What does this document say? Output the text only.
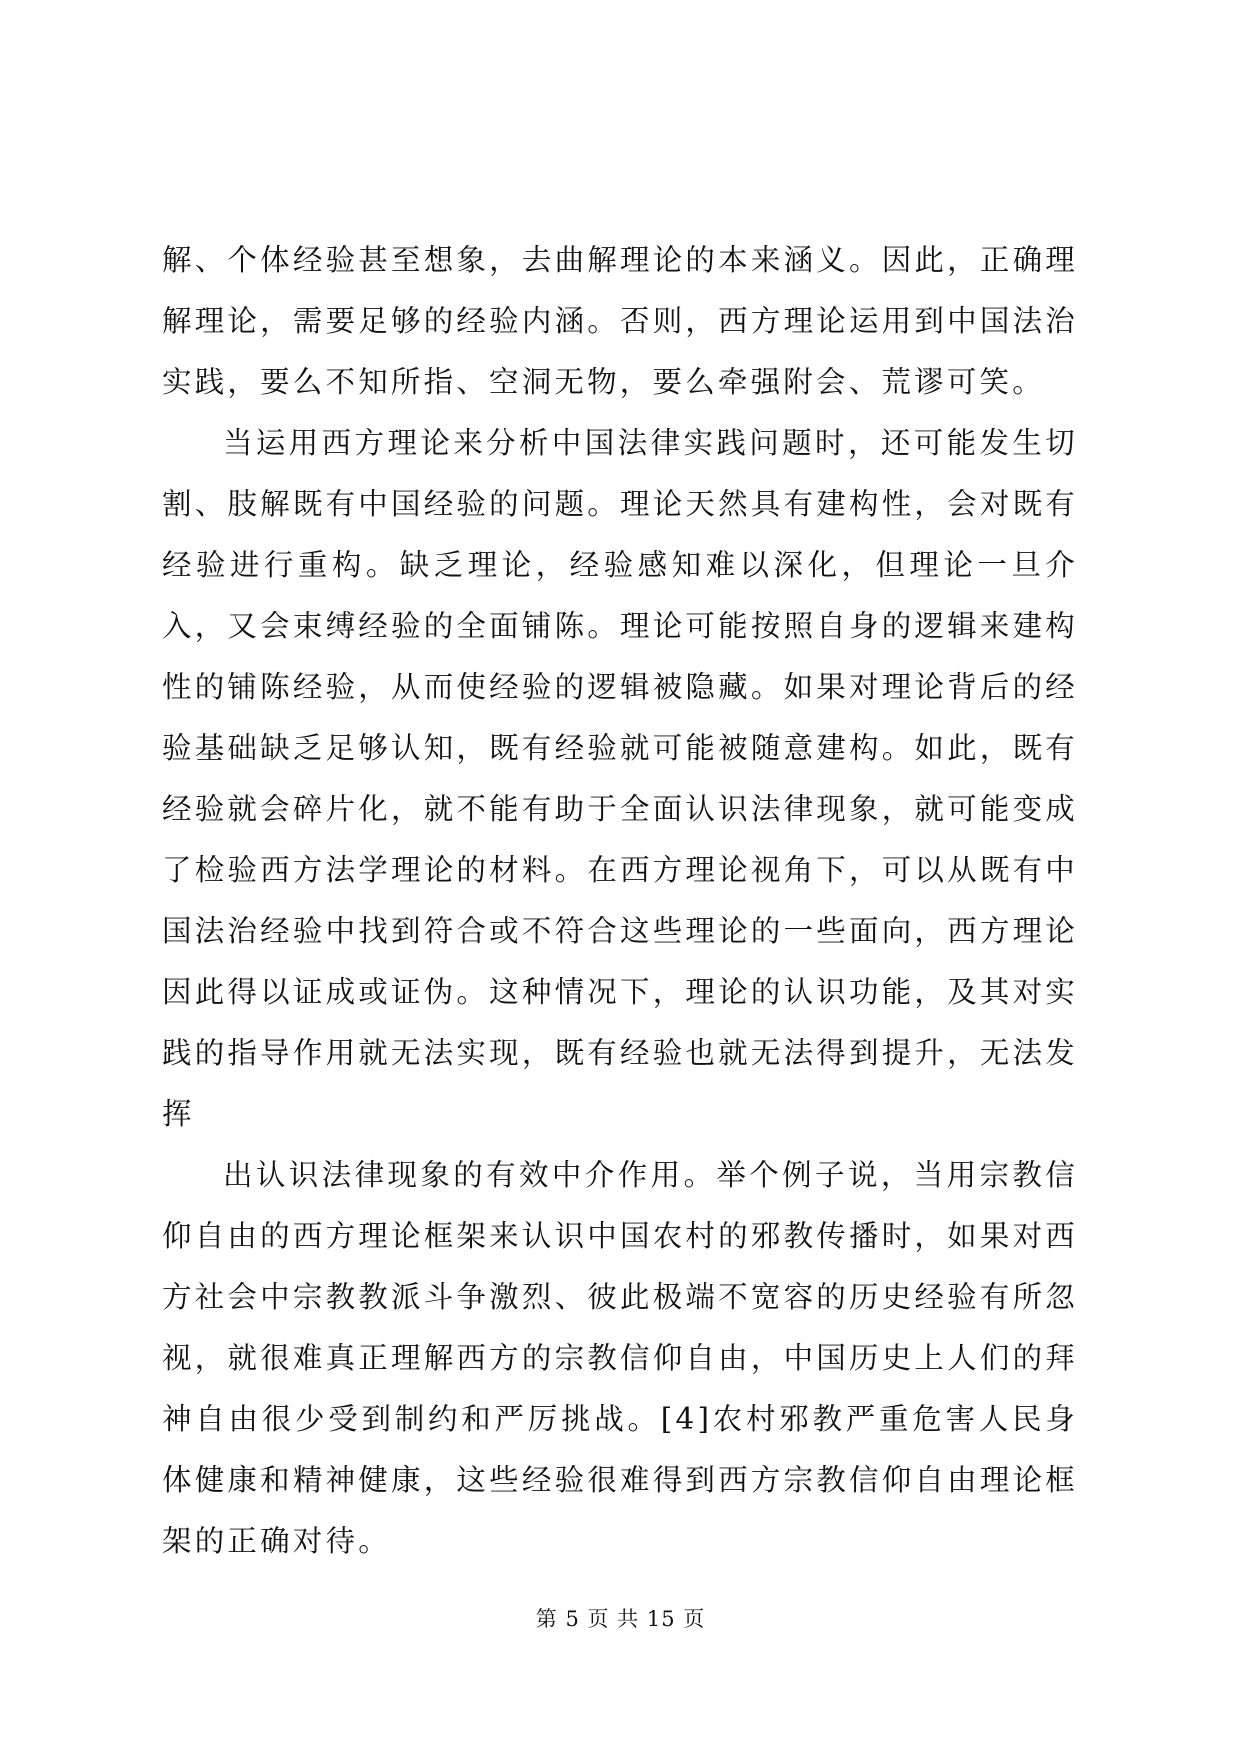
解、个体经验甚至想象，去曲解理论的本来涵义。因此，正确理解理论，需要足够的经验内涵。否则，西方理论运用到中国法治实践，要么不知所指、空洞无物，要么牵强附会、荒谬可笑。

当运用西方理论来分析中国法律实践问题时，还可能发生切割、肢解既有中国经验的问题。理论天然具有建构性，会对既有经验进行重构。缺乏理论，经验感知难以深化，但理论一旦介入，又会束缚经验的全面铺陈。理论可能按照自身的逻辑来建构性的铺陈经验，从而使经验的逻辑被隐藏。如果对理论背后的经验基础缺乏足够认知，既有经验就可能被随意建构。如此，既有经验就会碎片化，就不能有助于全面认识法律现象，就可能变成了检验西方法学理论的材料。在西方理论视角下，可以从既有中国法治经验中找到符合或不符合这些理论的一些面向，西方理论因此得以证成或证伪。这种情况下，理论的认识功能，及其对实践的指导作用就无法实现，既有经验也就无法得到提升，无法发挥

出认识法律现象的有效中介作用。举个例子说，当用宗教信仰自由的西方理论框架来认识中国农村的邪教传播时，如果对西方社会中宗教教派斗争激烈、彼此极端不宽容的历史经验有所忽视，就很难真正理解西方的宗教信仰自由，中国历史上人们的拜神自由很少受到制约和严厉挑战。[4]农村邪教严重危害人民身体健康和精神健康，这些经验很难得到西方宗教信仰自由理论框架的正确对待。

第 5 页 共 15 页
